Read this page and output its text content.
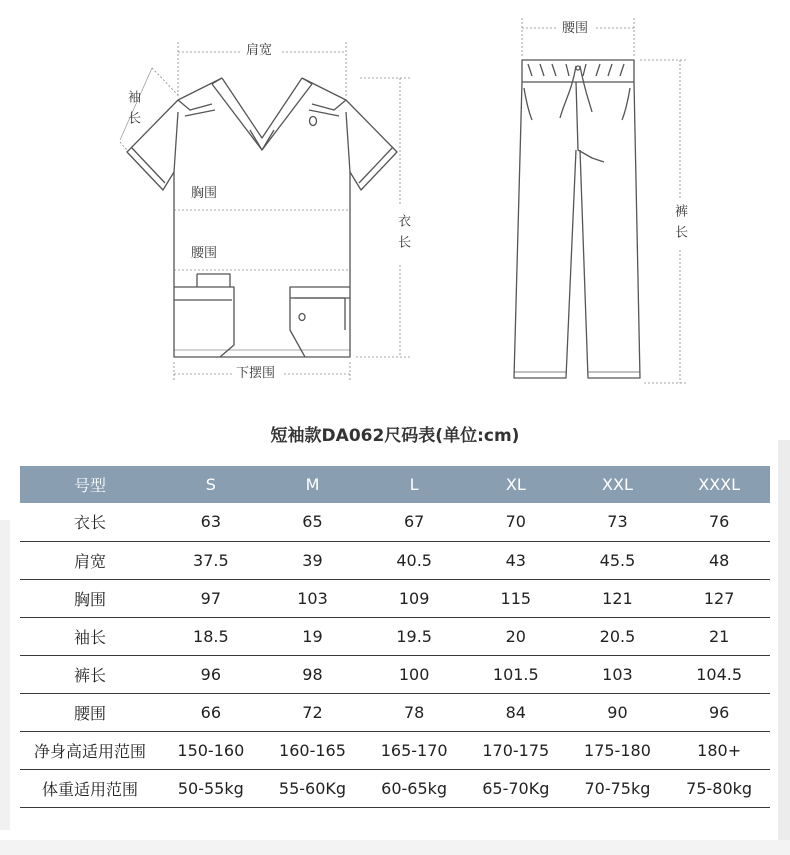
肩宽
袖长
胸围
腰围	衣长
下摆围
腰围
裤长
短袖款DA062尺码表(单位:cm)
号型	S	M	L	XL	XXL	XXXL
衣长	63	65	67	70	73	76
肩宽	37.5	39	40.5	43	45.5	48
胸围	97	103	109	115	121	127
袖长	18.5	19	19.5	20	20.5	21
裤长	96	98	100	101.5	103	104.5
腰围	66	72	78	84	90	96
净身高适用范围	150-160	160-165	165-170	170-175	175-180	180+
体重适用范围	50-55kg	55-60Kg	60-65kg	65-70Kg	70-75kg	75-80kg
